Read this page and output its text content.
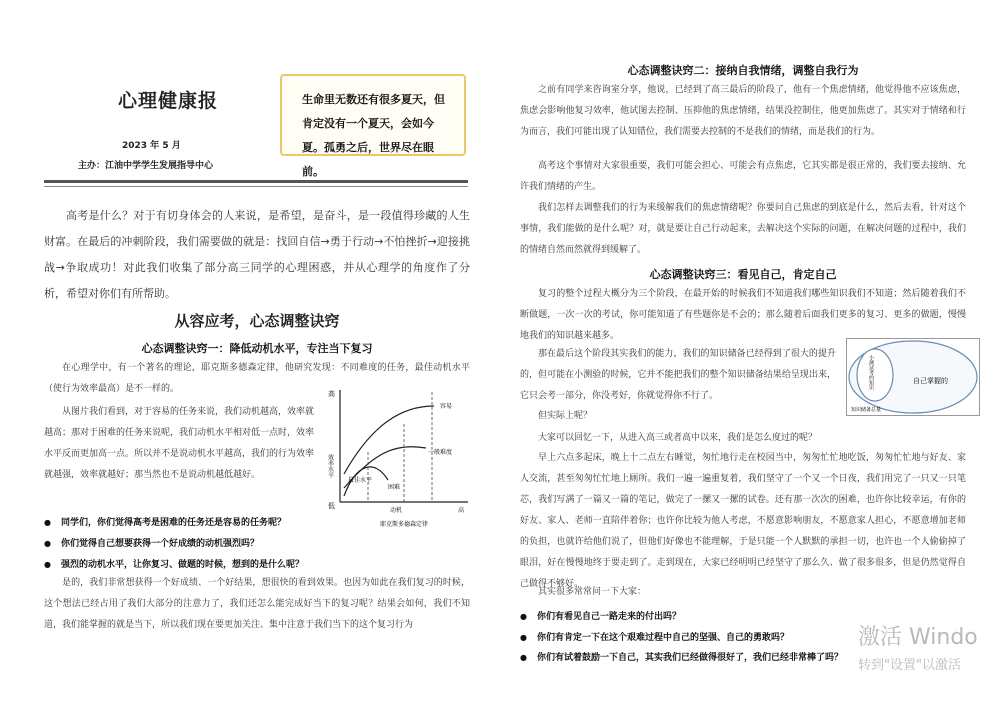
心理健康报
2023 年 5 月
主办：江油中学学生发展指导中心
生命里无数还有很多夏天，但肯定没有一个夏天，会如今夏。孤勇之后，世界尽在眼前。

高考是什么？对于有切身体会的人来说，是希望，是奋斗，是一段值得珍藏的人生财富。在最后的冲刺阶段，我们需要做的就是：找回自信→勇于行动→不怕挫折→迎接挑战→争取成功！对此我们收集了部分高三同学的心理困惑，并从心理学的角度作了分析，希望对你们有所帮助。

从容应考，心态调整诀窍
心态调整诀窍一：降低动机水平，专注当下复习

在心理学中，有一个著名的理论，耶克斯多德森定律，他研究发现：不同难度的任务，最佳动机水平（使行为效率最高）是不一样的。

从图片我们看到，对于容易的任务来说，我们动机越高，效率就越高；那对于困难的任务来说呢，我们动机水平相对低一点时，效率水平反而更加高一点。所以并不是说动机水平越高，我们的行为效率就越强，效率就越好；那当然也不是说动机越低越好。

高
低
效率水平
容易
一般难度
困难
最佳水平
动机	高
耶克斯多德森定律
● 同学们，你们觉得高考是困难的任务还是容易的任务呢？
● 你们觉得自己想要获得一个好成绩的动机强烈吗？
● 强烈的动机水平，让你复习、做题的时候，想到的是什么呢？

是的，我们非常想获得一个好成绩、一个好结果，想很快的看到效果。也因为如此在我们复习的时候，这个想法已经占用了我们大部分的注意力了，我们还怎么能完成好当下的复习呢？结果会如何，我们不知道，我们能掌握的就是当下，所以我们现在要更加关注、集中注意于我们当下的这个复习行为

心态调整诀窍二：接纳自我情绪，调整自我行为

之前有同学来咨询室分享，他说，已经到了高三最后的阶段了，他有一个焦虑情绪，他觉得他不应该焦虑，焦虑会影响他复习效率，他试图去控制、压抑他的焦虑情绪，结果没控制住，他更加焦虑了。其实对于情绪和行为而言，我们可能出现了认知错位，我们需要去控制的不是我们的情绪，而是我们的行为。

高考这个事情对大家很重要，我们可能会担心、可能会有点焦虑，它其实都是很正常的，我们要去接纳、允许我们情绪的产生。

我们怎样去调整我们的行为来缓解我们的焦虑情绪呢？你要问自己焦虑的到底是什么，然后去看，针对这个事情，我们能做的是什么呢？对，就是要让自己行动起来，去解决这个实际的问题，在解决问题的过程中，我们的情绪自然而然就得到缓解了。

心态调整诀窍三：看见自己，肯定自己

复习的整个过程大概分为三个阶段，在最开始的时候我们不知道我们哪些知识我们不知道；然后随着我们不断做题，一次一次的考试，你可能知道了有些题你是不会的；那么随着后面我们更多的复习、更多的做题，慢慢地我们的知识越来越多。

那在最后这个阶段其实我们的能力，我们的知识储备已经得到了很大的提升的，但可能在小测验的时候，它并不能把我们的整个知识储备结果给呈现出来，它只会考一部分，你没考好，你就觉得你不行了。

自己掌握的
小测试考的知识
知识储备总量

但实际上呢？

大家可以回忆一下，从进入高三或者高中以来，我们是怎么度过的呢？

早上六点多起床，晚上十二点左右睡觉，匆忙地行走在校园当中，匆匆忙忙地吃饭，匆匆忙忙地与好友、家人交流，甚至匆匆忙忙地上厕所。我们一遍一遍重复着，我们坚守了一个又一个日夜，我们用完了一只又一只笔芯，我们写满了一篇又一篇的笔记，做完了一摞又一摞的试卷。还有那一次次的困难，也许你比较幸运，有你的好友、家人、老师一直陪伴着你；也许你比较为他人考虑，不愿意影响朋友，不愿意家人担心，不愿意增加老师的负担，也就许给他们说了，但他们好像也不能理解，于是只能一个人默默的承担一切，也许也一个人偷偷掉了眼泪，好在慢慢地终于要走到了。走到现在，大家已经明明已经坚守了那么久、做了很多很多，但是仍然觉得自己做得不够好。

其实很多常常问一下大家：

● 你们有看见自己一路走来的付出吗？
● 你们有肯定一下在这个艰难过程中自己的坚强、自己的勇敢吗？
● 你们有试着鼓励一下自己，其实我们已经做得很好了，我们已经非常棒了吗？
激活 Windo
转到"设置"以激活
